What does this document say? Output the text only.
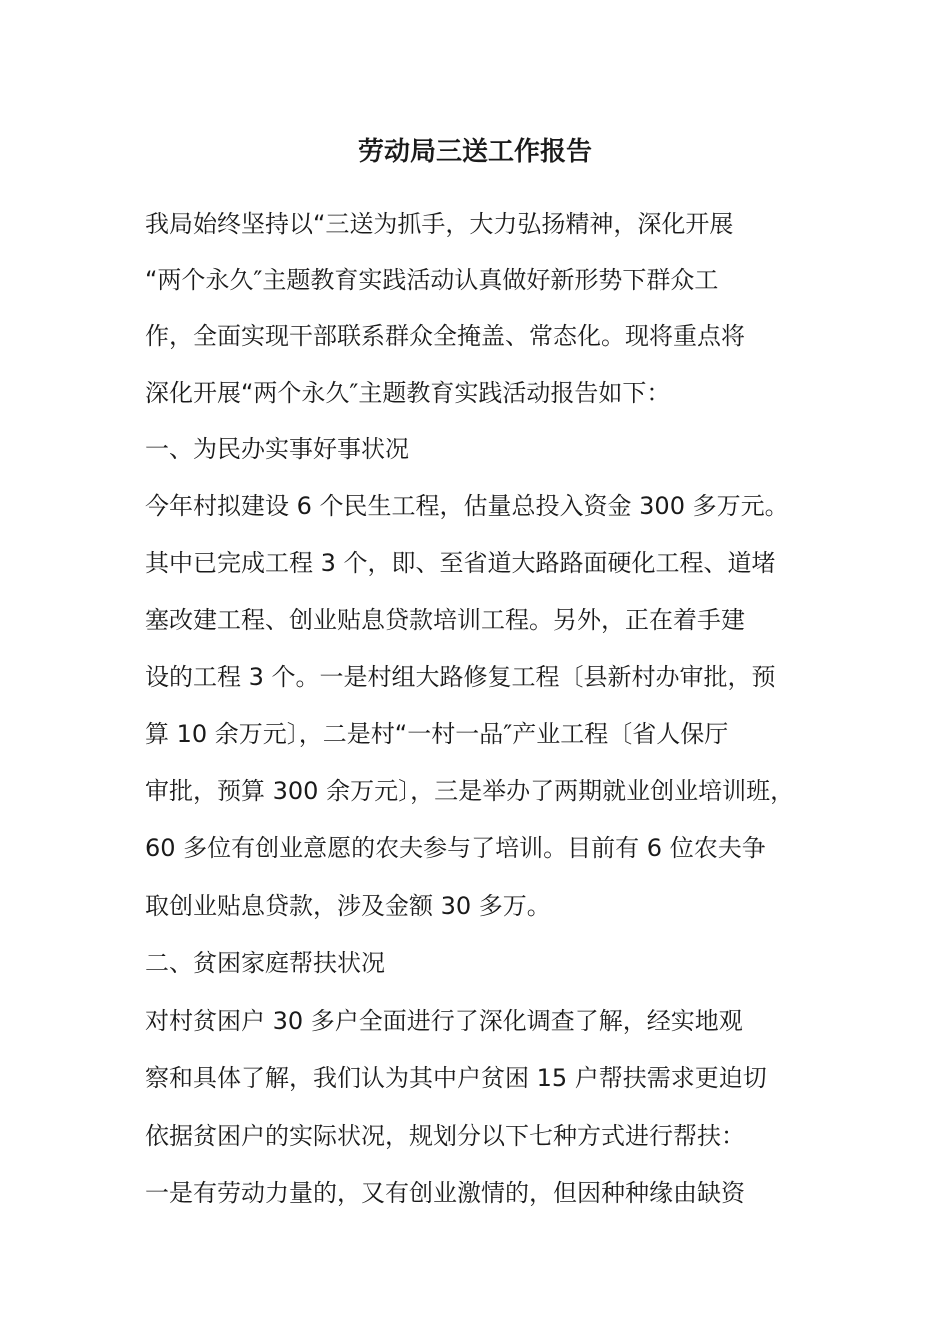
劳动局三送工作报告

我局始终坚持以“三送为抓手，大力弘扬精神，深化开展

“两个永久″主题教育实践活动认真做好新形势下群众工

作，全面实现干部联系群众全掩盖、常态化。现将重点将

深化开展“两个永久″主题教育实践活动报告如下：

一、为民办实事好事状况

今年村拟建设 6 个民生工程，估量总投入资金 300 多万元。

其中已完成工程 3 个，即、至省道大路路面硬化工程、道堵

塞改建工程、创业贴息贷款培训工程。另外，正在着手建

设的工程 3 个。一是村组大路修复工程〔县新村办审批，预

算 10 余万元〕，二是村“一村一品″产业工程〔省人保厅

审批，预算 300 余万元〕，三是举办了两期就业创业培训班，

60 多位有创业意愿的农夫参与了培训。目前有 6 位农夫争

取创业贴息贷款，涉及金额 30 多万。

二、贫困家庭帮扶状况

对村贫困户 30 多户全面进行了深化调查了解，经实地观

察和具体了解，我们认为其中户贫困 15 户帮扶需求更迫切

依据贫困户的实际状况，规划分以下七种方式进行帮扶：

一是有劳动力量的，又有创业激情的，但因种种缘由缺资
